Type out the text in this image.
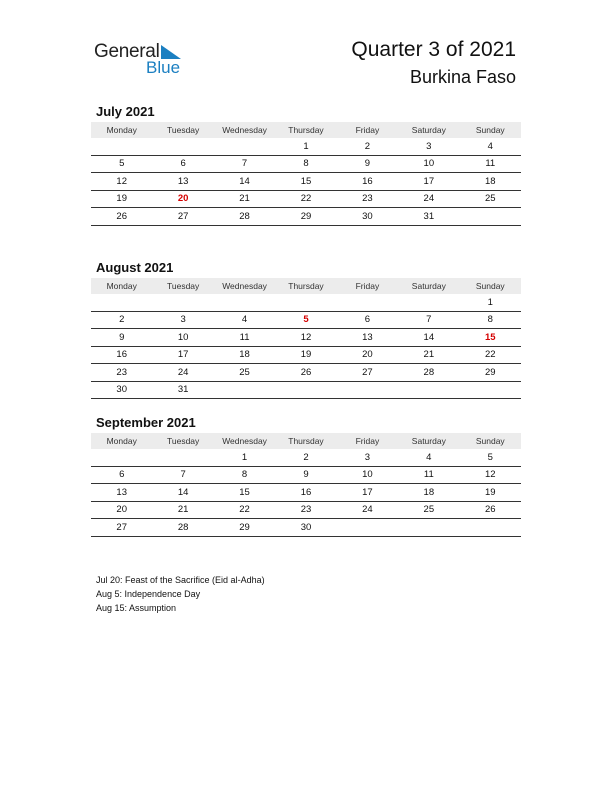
General
Blue
Quarter 3 of 2021
Burkina Faso
July 2021
Monday	Tuesday	Wednesday	Thursday	Friday	Saturday	Sunday
			1	2	3	4
5	6	7	8	9	10	11
12	13	14	15	16	17	18
19	20	21	22	23	24	25
26	27	28	29	30	31	
August 2021
Monday	Tuesday	Wednesday	Thursday	Friday	Saturday	Sunday
						1
2	3	4	5	6	7	8
9	10	11	12	13	14	15
16	17	18	19	20	21	22
23	24	25	26	27	28	29
30	31					
September 2021
Monday	Tuesday	Wednesday	Thursday	Friday	Saturday	Sunday
		1	2	3	4	5
6	7	8	9	10	11	12
13	14	15	16	17	18	19
20	21	22	23	24	25	26
27	28	29	30			
Jul 20: Feast of the Sacrifice (Eid al-Adha)
Aug 5: Independence Day
Aug 15: Assumption
